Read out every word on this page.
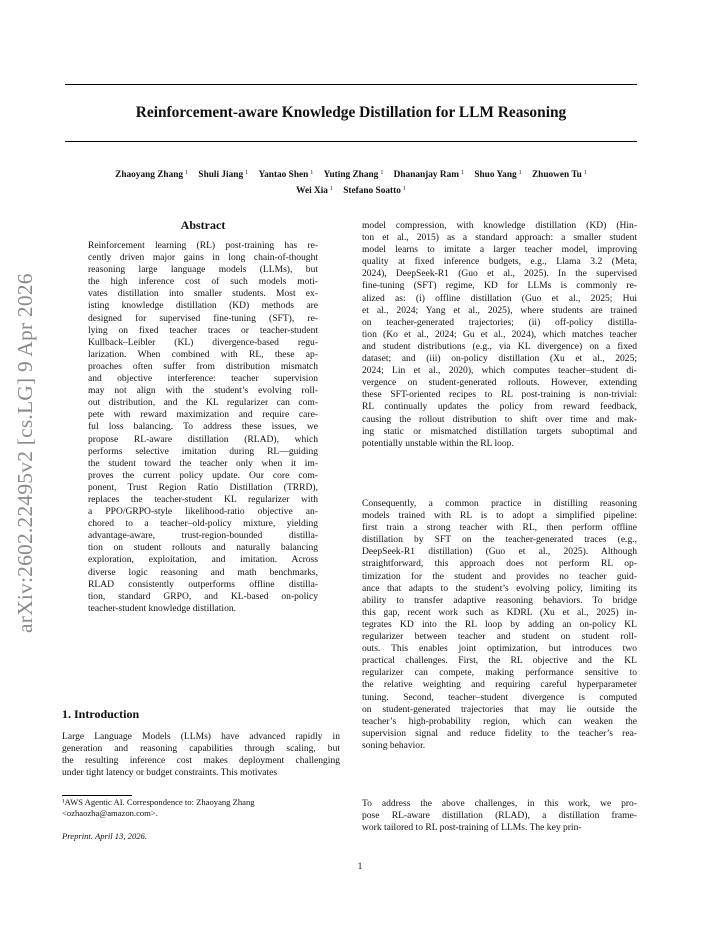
Reinforcement-aware Knowledge Distillation for LLM Reasoning
Zhaoyang Zhang $^1$ Shuli Jiang $^1$ Yantao Shen $^1$ Yuting Zhang $^1$ Dhananjay Ram $^1$ Shuo Yang $^1$ Zhuowen Tu $^1$
Wei Xia $^1$ Stefano Soatto $^1$
arXiv:2602.22495v2 [cs.LG] 9 Apr 2026
Abstract
Reinforcement learning (RL) post-training has re-
cently driven major gains in long chain-of-thought
reasoning large language models (LLMs), but
the high inference cost of such models moti-
vates distillation into smaller students. Most ex-
isting knowledge distillation (KD) methods are
designed for supervised fine-tuning (SFT), re-
lying on fixed teacher traces or teacher-student
Kullback–Leibler (KL) divergence-based regu-
larization. When combined with RL, these ap-
proaches often suffer from distribution mismatch
and objective interference: teacher supervision
may not align with the student’s evolving roll-
out distribution, and the KL regularizer can com-
pete with reward maximization and require care-
ful loss balancing. To address these issues, we
propose RL-aware distillation (RLAD), which
performs selective imitation during RL—guiding
the student toward the teacher only when it im-
proves the current policy update. Our core com-
ponent, Trust Region Ratio Distillation (TRRD),
replaces the teacher-student KL regularizer with
a PPO/GRPO-style likelihood-ratio objective an-
chored to a teacher–old-policy mixture, yielding
advantage-aware, trust-region-bounded distilla-
tion on student rollouts and naturally balancing
exploration, exploitation, and imitation. Across
diverse logic reasoning and math benchmarks,
RLAD consistently outperforms offline distilla-
tion, standard GRPO, and KL-based on-policy
teacher-student knowledge distillation.
1. Introduction
Large Language Models (LLMs) have advanced rapidly in
generation and reasoning capabilities through scaling, but
the resulting inference cost makes deployment challenging
under tight latency or budget constraints. This motivates
¹AWS Agentic AI. Correspondence to: Zhaoyang Zhang <ozhaozha@amazon.com>.
Preprint. April 13, 2026.
model compression, with knowledge distillation (KD) (Hin-
ton et al., 2015) as a standard approach: a smaller student
model learns to imitate a larger teacher model, improving
quality at fixed inference budgets, e.g., Llama 3.2 (Meta,
2024), DeepSeek-R1 (Guo et al., 2025). In the supervised
fine-tuning (SFT) regime, KD for LLMs is commonly re-
alized as: (i) offline distillation (Guo et al., 2025; Hui
et al., 2024; Yang et al., 2025), where students are trained
on teacher-generated trajectories; (ii) off-policy distilla-
tion (Ko et al., 2024; Gu et al., 2024), which matches teacher
and student distributions (e.g., via KL divergence) on a fixed
dataset; and (iii) on-policy distillation (Xu et al., 2025;
2024; Lin et al., 2020), which computes teacher–student di-
vergence on student-generated rollouts. However, extending
these SFT-oriented recipes to RL post-training is non-trivial:
RL continually updates the policy from reward feedback,
causing the rollout distribution to shift over time and mak-
ing static or mismatched distillation targets suboptimal and
potentially unstable within the RL loop.
Consequently, a common practice in distilling reasoning
models trained with RL is to adopt a simplified pipeline:
first train a strong teacher with RL, then perform offline
distillation by SFT on the teacher-generated traces (e.g.,
DeepSeek-R1 distillation) (Guo et al., 2025). Although
straightforward, this approach does not perform RL op-
timization for the student and provides no teacher guid-
ance that adapts to the student’s evolving policy, limiting its
ability to transfer adaptive reasoning behaviors. To bridge
this gap, recent work such as KDRL (Xu et al., 2025) in-
tegrates KD into the RL loop by adding an on-policy KL
regularizer between teacher and student on student roll-
outs. This enables joint optimization, but introduces two
practical challenges. First, the RL objective and the KL
regularizer can compete, making performance sensitive to
the relative weighting and requiring careful hyperparameter
tuning. Second, teacher–student divergence is computed
on student-generated trajectories that may lie outside the
teacher’s high-probability region, which can weaken the
supervision signal and reduce fidelity to the teacher’s rea-
soning behavior.
To address the above challenges, in this work, we pro-
pose RL-aware distillation (RLAD), a distillation frame-
work tailored to RL post-training of LLMs. The key prin-
1
